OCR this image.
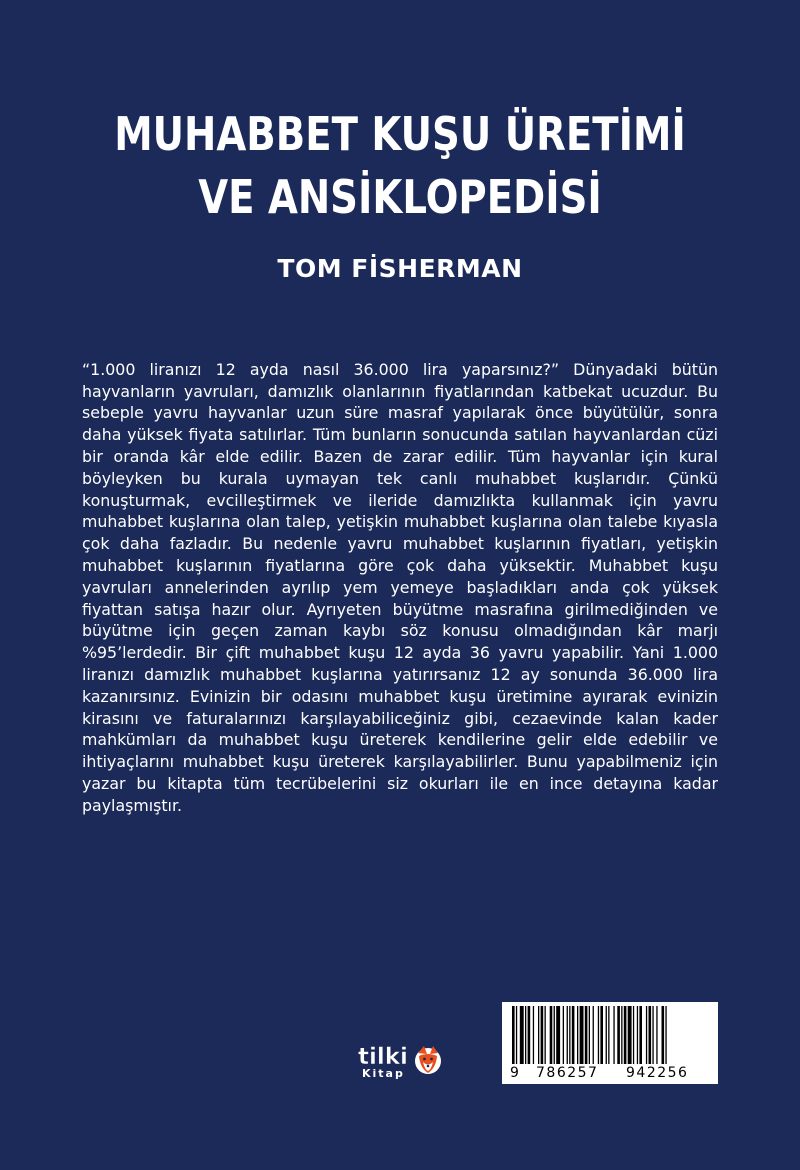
MUHABBET KUŞU ÜRETİMİ
VE ANSİKLOPEDİSİ
TOM FİSHERMAN

“1.000 liranızı 12 ayda nasıl 36.000 lira yaparsınız?” Dünyadaki bütün hayvanların yavruları, damızlık olanlarının fiyatlarından katbekat ucuzdur. Bu sebeple yavru hayvanlar uzun süre masraf yapılarak önce büyütülür, sonra daha yüksek fiyata satılırlar. Tüm bunların sonucunda satılan hayvanlardan cüzi bir oranda kâr elde edilir. Bazen de zarar edilir. Tüm hayvanlar için kural böyleyken bu kurala uymayan tek canlı muhabbet kuşlarıdır. Çünkü konuşturmak, evcilleştirmek ve ileride damızlıkta kullanmak için yavru muhabbet kuşlarına olan talep, yetişkin muhabbet kuşlarına olan talebe kıyasla çok daha fazladır. Bu nedenle yavru muhabbet kuşlarının fiyatları, yetişkin muhabbet kuşlarının fiyatlarına göre çok daha yüksektir. Muhabbet kuşu yavruları annelerinden ayrılıp yem yemeye başladıkları anda çok yüksek fiyattan satışa hazır olur. Ayrıyeten büyütme masrafına girilmediğinden ve büyütme için geçen zaman kaybı söz konusu olmadığından kâr marjı %95’lerdedir. Bir çift muhabbet kuşu 12 ayda 36 yavru yapabilir. Yani 1.000 liranızı damızlık muhabbet kuşlarına yatırırsanız 12 ay sonunda 36.000 lira kazanırsınız. Evinizin bir odasını muhabbet kuşu üretimine ayırarak evinizin kirasını ve faturalarınızı karşılayabiliceğiniz gibi, cezaevinde kalan kader mahkümları da muhabbet kuşu üreterek kendilerine gelir elde edebilir ve ihtiyaçlarını muhabbet kuşu üreterek karşılayabilirler. Bunu yapabilmeniz için yazar bu kitapta tüm tecrübelerini siz okurları ile en ince detayına kadar paylaşmıştır.

tilki
Kitap	9 786257 942256
